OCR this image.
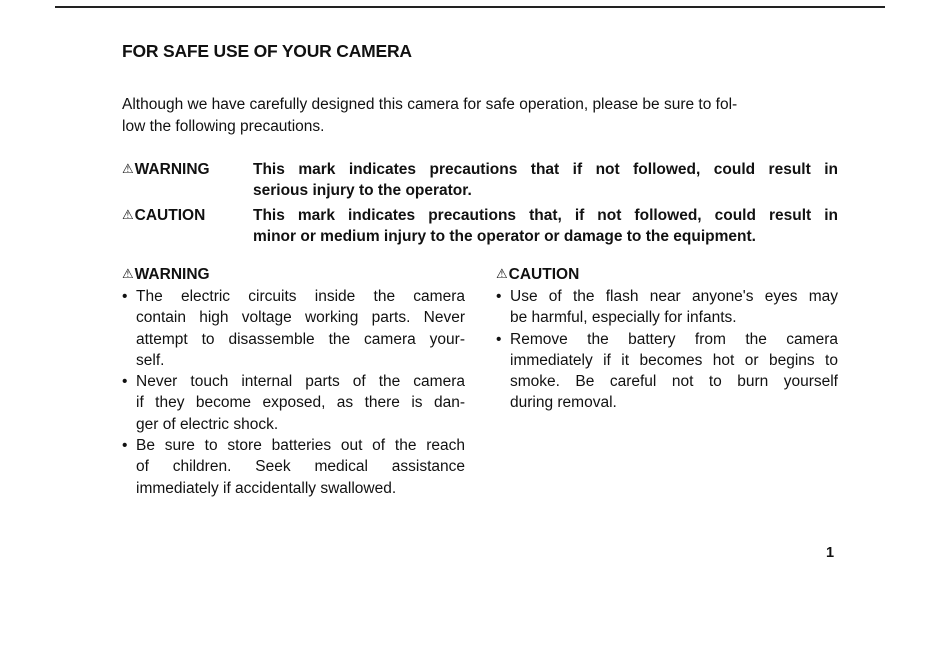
FOR SAFE USE OF YOUR CAMERA

Although we have carefully designed this camera for safe operation, please be sure to fol-
low the following precautions.

⚠WARNING	This mark indicates precautions that if not followed, could result in
serious injury to the operator.
⚠CAUTION	This mark indicates precautions that, if not followed, could result in
minor or medium injury to the operator or damage to the equipment.
⚠WARNING
• The electric circuits inside the camera
contain high voltage working parts. Never
attempt to disassemble the camera your-
self.
• Never touch internal parts of the camera
if they become exposed, as there is dan-
ger of electric shock.
• Be sure to store batteries out of the reach
of children. Seek medical assistance
immediately if accidentally swallowed.
⚠CAUTION
• Use of the flash near anyone's eyes may
be harmful, especially for infants.
• Remove the battery from the camera
immediately if it becomes hot or begins to
smoke. Be careful not to burn yourself
during removal.
1
